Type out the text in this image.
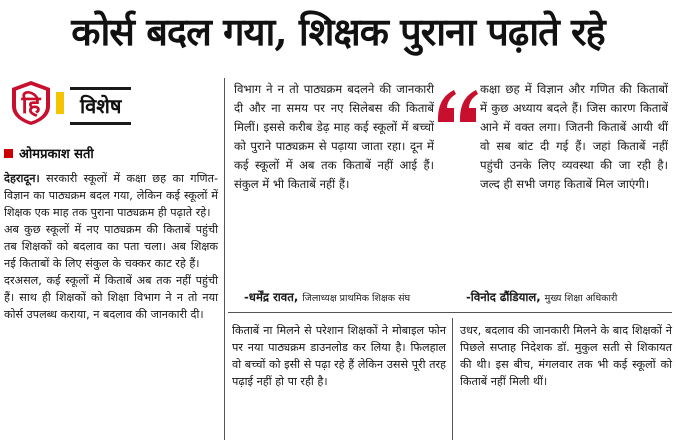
कोर्स बदल गया, शिक्षक पुराना पढ़ाते रहे
हि	विशेष
ओमप्रकाश सती

देहरादून। सरकारी स्कूलों में कक्षा छह का गणित-विज्ञान का पाठ्यक्रम बदल गया, लेकिन कई स्कूलों में शिक्षक एक माह तक पुराना पाठ्यक्रम ही पढ़ाते रहे।

अब कुछ स्कूलों में नए पाठ्यक्रम की किताबें पहुंची तब शिक्षकों को बदलाव का पता चला। अब शिक्षक नई किताबों के लिए संकुल के चक्कर काट रहे हैं।

दरअसल, कई स्कूलों में किताबें अब तक नहीं पहुंची हैं। साथ ही शिक्षकों को शिक्षा विभाग ने न तो नया कोर्स उपलब्ध कराया, न बदलाव की जानकारी दी।

विभाग ने न तो पाठ्यक्रम बदलने की जानकारी दी और ना समय पर नए सिलेबस की किताबें मिलीं। इससे करीब डेढ़ माह कई स्कूलों में बच्चों को पुराने पाठ्यक्रम से पढ़ाया जाता रहा। दून में कई स्कूलों में अब तक किताबें नहीं आई हैं। संकुल में भी किताबें नहीं हैं।

-धर्मेंद्र रावत, जिलाध्यक्ष प्राथमिक शिक्षक संघ

कक्षा छह में विज्ञान और गणित की किताबों में कुछ अध्याय बदले हैं। जिस कारण किताबें आने में वक्त लगा। जितनी किताबें आयी थीं वो सब बांट दी गई हैं। जहां किताबें नहीं पहुंची उनके लिए व्यवस्था की जा रही है। जल्द ही सभी जगह किताबें मिल जाएंगी।

-विनोद ढौंडियाल, मुख्य शिक्षा अधिकारी
किताबें ना मिलने से परेशान शिक्षकों ने मोबाइल फोन पर नया पाठ्यक्रम डाउनलोड कर लिया है। फिलहाल वो बच्चों को इसी से पढ़ा रहे हैं लेकिन उससे पूरी तरह पढ़ाई नहीं हो पा रही है।
उधर, बदलाव की जानकारी मिलने के बाद शिक्षकों ने पिछले सप्ताह निदेशक डॉ. मुकुल सती से शिकायत की थी। इस बीच, मंगलवार तक भी कई स्कूलों को किताबें नहीं मिली थीं।
